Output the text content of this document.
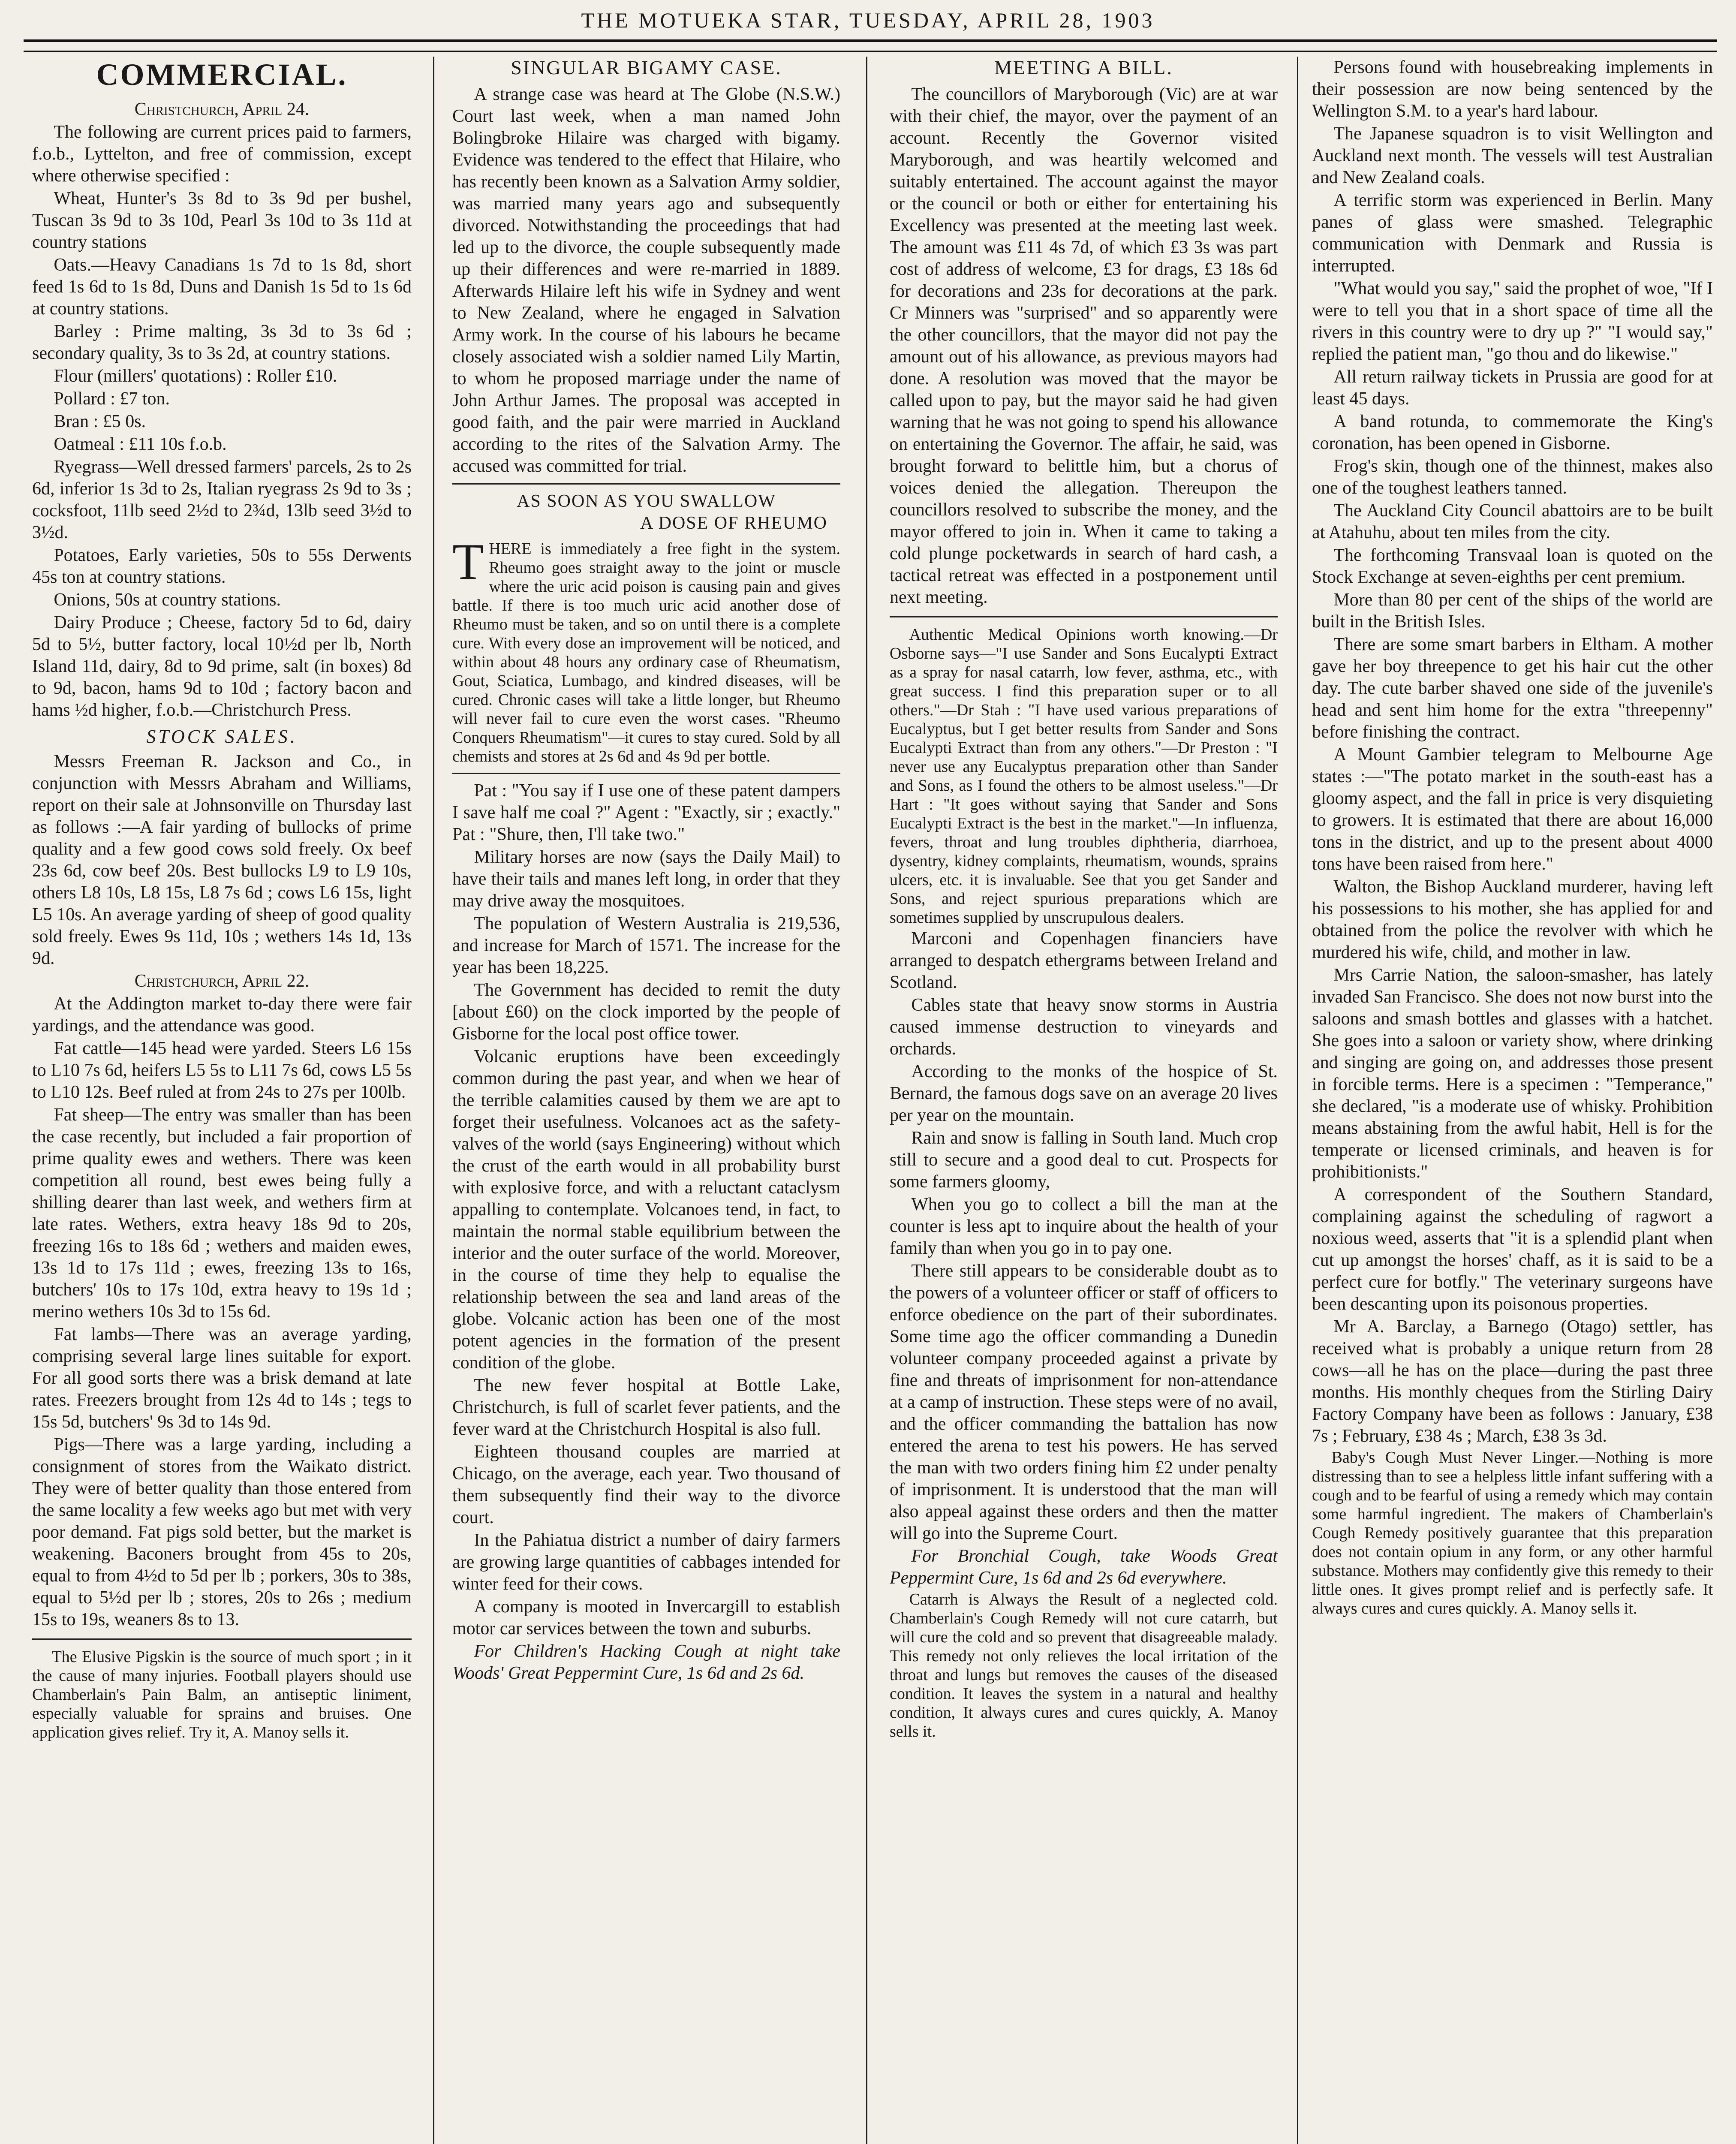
THE MOTUEKA STAR, TUESDAY, APRIL 28, 1903
COMMERCIAL.

Christchurch, April 24.

The following are current prices paid to farmers, f.o.b., Lyttelton, and free of commission, except where otherwise specified :

Wheat, Hunter's 3s 8d to 3s 9d per bushel, Tuscan 3s 9d to 3s 10d, Pearl 3s 10d to 3s 11d at country stations

Oats.—Heavy Canadians 1s 7d to 1s 8d, short feed 1s 6d to 1s 8d, Duns and Danish 1s 5d to 1s 6d at country stations.

Barley : Prime malting, 3s 3d to 3s 6d ; secondary quality, 3s to 3s 2d, at country stations.

Flour (millers' quotations) : Roller £10.

Pollard : £7 ton.

Bran : £5 0s.

Oatmeal : £11 10s f.o.b.

Ryegrass—Well dressed farmers' parcels, 2s to 2s 6d, inferior 1s 3d to 2s, Italian ryegrass 2s 9d to 3s ; cocksfoot, 11lb seed 2½d to 2¾d, 13lb seed 3½d to 3½d.

Potatoes, Early varieties, 50s to 55s Derwents 45s ton at country stations.

Onions, 50s at country stations.

Dairy Produce ; Cheese, factory 5d to 6d, dairy 5d to 5½, butter factory, local 10½d per lb, North Island 11d, dairy, 8d to 9d prime, salt (in boxes) 8d to 9d, bacon, hams 9d to 10d ; factory bacon and hams ½d higher, f.o.b.—Christchurch Press.

STOCK SALES.

Messrs Freeman R. Jackson and Co., in conjunction with Messrs Abraham and Williams, report on their sale at Johnsonville on Thursday last as follows :—A fair yarding of bullocks of prime quality and a few good cows sold freely. Ox beef 23s 6d, cow beef 20s. Best bullocks L9 to L9 10s, others L8 10s, L8 15s, L8 7s 6d ; cows L6 15s, light L5 10s. An average yarding of sheep of good quality sold freely. Ewes 9s 11d, 10s ; wethers 14s 1d, 13s 9d.

Christchurch, April 22.

At the Addington market to-day there were fair yardings, and the attendance was good.

Fat cattle—145 head were yarded. Steers L6 15s to L10 7s 6d, heifers L5 5s to L11 7s 6d, cows L5 5s to L10 12s. Beef ruled at from 24s to 27s per 100lb.

Fat sheep—The entry was smaller than has been the case recently, but included a fair proportion of prime quality ewes and wethers. There was keen competition all round, best ewes being fully a shilling dearer than last week, and wethers firm at late rates. Wethers, extra heavy 18s 9d to 20s, freezing 16s to 18s 6d ; wethers and maiden ewes, 13s 1d to 17s 11d ; ewes, freezing 13s to 16s, butchers' 10s to 17s 10d, extra heavy to 19s 1d ; merino wethers 10s 3d to 15s 6d.

Fat lambs—There was an average yarding, comprising several large lines suitable for export. For all good sorts there was a brisk demand at late rates. Freezers brought from 12s 4d to 14s ; tegs to 15s 5d, butchers' 9s 3d to 14s 9d.

Pigs—There was a large yarding, including a consignment of stores from the Waikato district. They were of better quality than those entered from the same locality a few weeks ago but met with very poor demand. Fat pigs sold better, but the market is weakening. Baconers brought from 45s to 20s, equal to from 4½d to 5d per lb ; porkers, 30s to 38s, equal to 5½d per lb ; stores, 20s to 26s ; medium 15s to 19s, weaners 8s to 13.

The Elusive Pigskin is the source of much sport ; in it the cause of many injuries. Football players should use Chamberlain's Pain Balm, an antiseptic liniment, especially valuable for sprains and bruises. One application gives relief. Try it, A. Manoy sells it.

SINGULAR BIGAMY CASE.

A strange case was heard at The Globe (N.S.W.) Court last week, when a man named John Bolingbroke Hilaire was charged with bigamy. Evidence was tendered to the effect that Hilaire, who has recently been known as a Salvation Army soldier, was married many years ago and subsequently divorced. Notwithstanding the proceedings that had led up to the divorce, the couple subsequently made up their differences and were re-married in 1889. Afterwards Hilaire left his wife in Sydney and went to New Zealand, where he engaged in Salvation Army work. In the course of his labours he became closely associated wish a soldier named Lily Martin, to whom he proposed marriage under the name of John Arthur James. The proposal was accepted in good faith, and the pair were married in Auckland according to the rites of the Salvation Army. The accused was committed for trial.

AS SOON AS YOU SWALLOW
A DOSE OF RHEUMO

THERE is immediately a free fight in the system. Rheumo goes straight away to the joint or muscle where the uric acid poison is causing pain and gives battle. If there is too much uric acid another dose of Rheumo must be taken, and so on until there is a complete cure. With every dose an improvement will be noticed, and within about 48 hours any ordinary case of Rheumatism, Gout, Sciatica, Lumbago, and kindred diseases, will be cured. Chronic cases will take a little longer, but Rheumo will never fail to cure even the worst cases. "Rheumo Conquers Rheumatism"—it cures to stay cured. Sold by all chemists and stores at 2s 6d and 4s 9d per bottle.

Pat : "You say if I use one of these patent dampers I save half me coal ?" Agent : "Exactly, sir ; exactly." Pat : "Shure, then, I'll take two."

Military horses are now (says the Daily Mail) to have their tails and manes left long, in order that they may drive away the mosquitoes.

The population of Western Australia is 219,536, and increase for March of 1571. The increase for the year has been 18,225.

The Government has decided to remit the duty [about £60) on the clock imported by the people of Gisborne for the local post office tower.

Volcanic eruptions have been exceedingly common during the past year, and when we hear of the terrible calamities caused by them we are apt to forget their usefulness. Volcanoes act as the safety-valves of the world (says Engineering) without which the crust of the earth would in all probability burst with explosive force, and with a reluctant cataclysm appalling to contemplate. Volcanoes tend, in fact, to maintain the normal stable equilibrium between the interior and the outer surface of the world. Moreover, in the course of time they help to equalise the relationship between the sea and land areas of the globe. Volcanic action has been one of the most potent agencies in the formation of the present condition of the globe.

The new fever hospital at Bottle Lake, Christchurch, is full of scarlet fever patients, and the fever ward at the Christchurch Hospital is also full.

Eighteen thousand couples are married at Chicago, on the average, each year. Two thousand of them subsequently find their way to the divorce court.

In the Pahiatua district a number of dairy farmers are growing large quantities of cabbages intended for winter feed for their cows.

A company is mooted in Invercargill to establish motor car services between the town and suburbs.

For Children's Hacking Cough at night take Woods' Great Peppermint Cure, 1s 6d and 2s 6d.

MEETING A BILL.

The councillors of Maryborough (Vic) are at war with their chief, the mayor, over the payment of an account. Recently the Governor visited Maryborough, and was heartily welcomed and suitably entertained. The account against the mayor or the council or both or either for entertaining his Excellency was presented at the meeting last week. The amount was £11 4s 7d, of which £3 3s was part cost of address of welcome, £3 for drags, £3 18s 6d for decorations and 23s for decorations at the park. Cr Minners was "surprised" and so apparently were the other councillors, that the mayor did not pay the amount out of his allowance, as previous mayors had done. A resolution was moved that the mayor be called upon to pay, but the mayor said he had given warning that he was not going to spend his allowance on entertaining the Governor. The affair, he said, was brought forward to belittle him, but a chorus of voices denied the allegation. Thereupon the councillors resolved to subscribe the money, and the mayor offered to join in. When it came to taking a cold plunge pocketwards in search of hard cash, a tactical retreat was effected in a postponement until next meeting.

Authentic Medical Opinions worth knowing.—Dr Osborne says—"I use Sander and Sons Eucalypti Extract as a spray for nasal catarrh, low fever, asthma, etc., with great success. I find this preparation super or to all others."—Dr Stah : "I have used various preparations of Eucalyptus, but I get better results from Sander and Sons Eucalypti Extract than from any others."—Dr Preston : "I never use any Eucalyptus preparation other than Sander and Sons, as I found the others to be almost useless."—Dr Hart : "It goes without saying that Sander and Sons Eucalypti Extract is the best in the market."—In influenza, fevers, throat and lung troubles diphtheria, diarrhoea, dysentry, kidney complaints, rheumatism, wounds, sprains ulcers, etc. it is invaluable. See that you get Sander and Sons, and reject spurious preparations which are sometimes supplied by unscrupulous dealers.

Marconi and Copenhagen financiers have arranged to despatch ethergrams between Ireland and Scotland.

Cables state that heavy snow storms in Austria caused immense destruction to vineyards and orchards.

According to the monks of the hospice of St. Bernard, the famous dogs save on an average 20 lives per year on the mountain.

Rain and snow is falling in South land. Much crop still to secure and a good deal to cut. Prospects for some farmers gloomy,

When you go to collect a bill the man at the counter is less apt to inquire about the health of your family than when you go in to pay one.

There still appears to be considerable doubt as to the powers of a volunteer officer or staff of officers to enforce obedience on the part of their subordinates. Some time ago the officer commanding a Dunedin volunteer company proceeded against a private by fine and threats of imprisonment for non-attendance at a camp of instruction. These steps were of no avail, and the officer commanding the battalion has now entered the arena to test his powers. He has served the man with two orders fining him £2 under penalty of imprisonment. It is understood that the man will also appeal against these orders and then the matter will go into the Supreme Court.

For Bronchial Cough, take Woods Great Peppermint Cure, 1s 6d and 2s 6d everywhere.

Catarrh is Always the Result of a neglected cold. Chamberlain's Cough Remedy will not cure catarrh, but will cure the cold and so prevent that disagreeable malady. This remedy not only relieves the local irritation of the throat and lungs but removes the causes of the diseased condition. It leaves the system in a natural and healthy condition, It always cures and cures quickly, A. Manoy sells it.

Persons found with housebreaking implements in their possession are now being sentenced by the Wellington S.M. to a year's hard labour.

The Japanese squadron is to visit Wellington and Auckland next month. The vessels will test Australian and New Zealand coals.

A terrific storm was experienced in Berlin. Many panes of glass were smashed. Telegraphic communication with Denmark and Russia is interrupted.

"What would you say," said the prophet of woe, "If I were to tell you that in a short space of time all the rivers in this country were to dry up ?" "I would say," replied the patient man, "go thou and do likewise."

All return railway tickets in Prussia are good for at least 45 days.

A band rotunda, to commemorate the King's coronation, has been opened in Gisborne.

Frog's skin, though one of the thinnest, makes also one of the toughest leathers tanned.

The Auckland City Council abattoirs are to be built at Atahuhu, about ten miles from the city.

The forthcoming Transvaal loan is quoted on the Stock Exchange at seven-eighths per cent premium.

More than 80 per cent of the ships of the world are built in the British Isles.

There are some smart barbers in Eltham. A mother gave her boy threepence to get his hair cut the other day. The cute barber shaved one side of the juvenile's head and sent him home for the extra "threepenny" before finishing the contract.

A Mount Gambier telegram to Melbourne Age states :—"The potato market in the south-east has a gloomy aspect, and the fall in price is very disquieting to growers. It is estimated that there are about 16,000 tons in the district, and up to the present about 4000 tons have been raised from here."

Walton, the Bishop Auckland murderer, having left his possessions to his mother, she has applied for and obtained from the police the revolver with which he murdered his wife, child, and mother in law.

Mrs Carrie Nation, the saloon-smasher, has lately invaded San Francisco. She does not now burst into the saloons and smash bottles and glasses with a hatchet. She goes into a saloon or variety show, where drinking and singing are going on, and addresses those present in forcible terms. Here is a specimen : "Temperance," she declared, "is a moderate use of whisky. Prohibition means abstaining from the awful habit, Hell is for the temperate or licensed criminals, and heaven is for prohibitionists."

A correspondent of the Southern Standard, complaining against the scheduling of ragwort a noxious weed, asserts that "it is a splendid plant when cut up amongst the horses' chaff, as it is said to be a perfect cure for botfly." The veterinary surgeons have been descanting upon its poisonous properties.

Mr A. Barclay, a Barnego (Otago) settler, has received what is probably a unique return from 28 cows—all he has on the place—during the past three months. His monthly cheques from the Stirling Dairy Factory Company have been as follows : January, £38 7s ; February, £38 4s ; March, £38 3s 3d.

Baby's Cough Must Never Linger.—Nothing is more distressing than to see a helpless little infant suffering with a cough and to be fearful of using a remedy which may contain some harmful ingredient. The makers of Chamberlain's Cough Remedy positively guarantee that this preparation does not contain opium in any form, or any other harmful substance. Mothers may confidently give this remedy to their little ones. It gives prompt relief and is perfectly safe. It always cures and cures quickly. A. Manoy sells it.
